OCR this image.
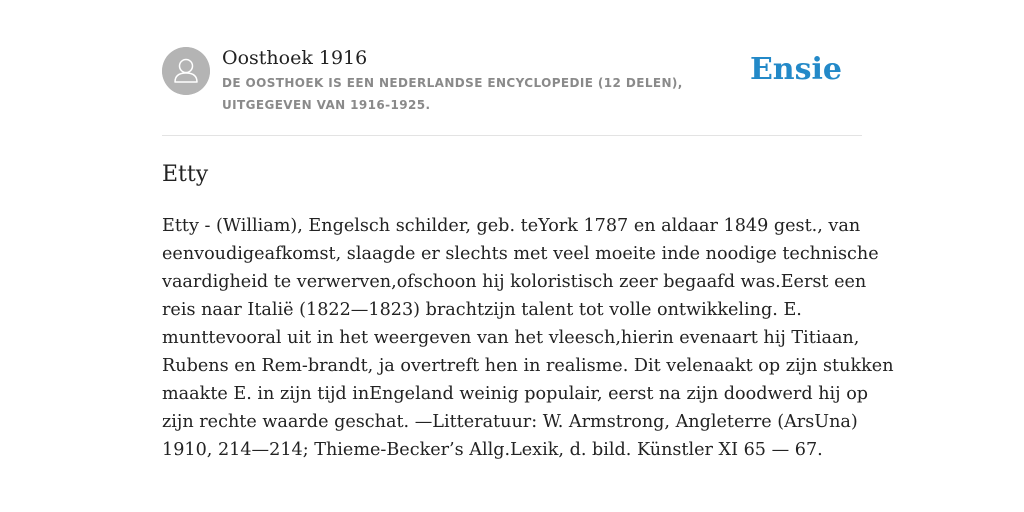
Oosthoek 1916
DE OOSTHOEK IS EEN NEDERLANDSE ENCYCLOPEDIE (12 DELEN), UITGEGEVEN VAN 1916-1925.
Ensie
Etty
Etty - (William), Engelsch schilder, geb. teYork 1787 en aldaar 1849 gest., van
eenvoudigeafkomst, slaagde er slechts met veel moeite inde noodige technische
vaardigheid te verwerven,ofschoon hij koloristisch zeer begaafd was.Eerst een
reis naar Italië (1822—1823) brachtzijn talent tot volle ontwikkeling. E.
munttevooral uit in het weergeven van het vleesch,hierin evenaart hij Titiaan,
Rubens en Rem-brandt, ja overtreft hen in realisme. Dit velenaakt op zijn stukken
maakte E. in zijn tijd inEngeland weinig populair, eerst na zijn doodwerd hij op
zijn rechte waarde geschat. —Litteratuur: W. Armstrong, Angleterre (ArsUna)
1910, 214—214; Thieme-Becker’s Allg.Lexik, d. bild. Künstler XI 65 — 67.
